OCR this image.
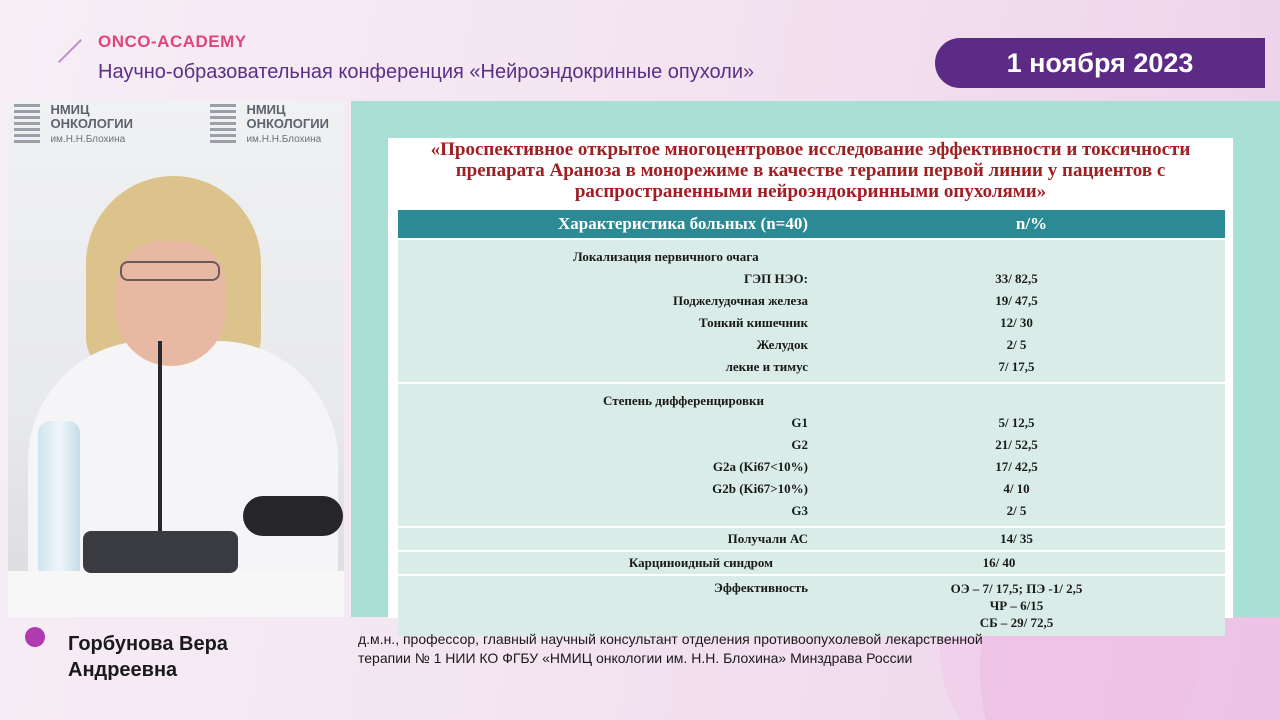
ONCO-ACADEMY
Научно-образовательная конференция «Нейроэндокринные опухоли»	1 ноября 2023
НМИЦ
ОНКОЛОГИИ
им.Н.Н.Блохина
НМИЦ
ОНКОЛОГИИ
им.Н.Н.Блохина	«Проспективное открытое многоцентровое исследование эффективности и токсичности препарата Араноза в монорежиме в качестве терапии первой линии у пациентов с распространенными нейроэндокринными опухолями»
Характеристика больных (n=40)	n/%
Локализация первичного очага
ГЭП НЭО:	33/ 82,5
Поджелудочная железа	19/ 47,5
Тонкий кишечник	12/ 30
Желудок	2/ 5
лекие и тимус	7/ 17,5
Степень дифференцировки
G1	5/ 12,5
G2	21/ 52,5
G2a (Ki67<10%)	17/ 42,5
G2b (Ki67>10%)	4/ 10
G3	2/ 5
Получали АС	14/ 35
Карциноидный синдром	16/ 40
Эффективность	ОЭ – 7/ 17,5; ПЭ -1/ 2,5
ЧР – 6/15
СБ – 29/ 72,5
Горбунова Вера
Андреевна
д.м.н., профессор, главный научный консультант отделения противоопухолевой лекарственной
терапии № 1 НИИ КО ФГБУ «НМИЦ онкологии им. Н.Н. Блохина» Минздрава России
